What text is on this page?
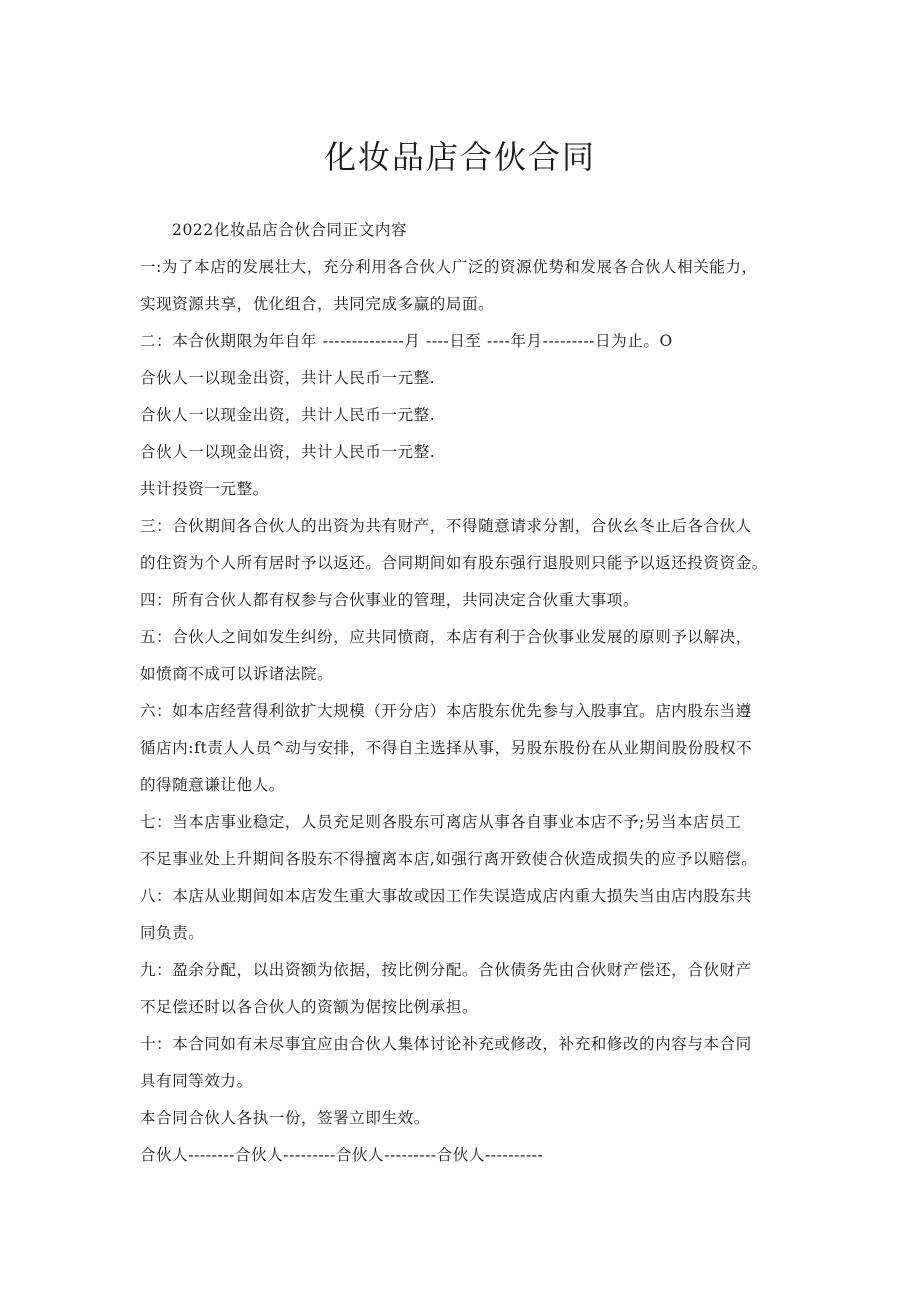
化妆品店合伙合同
2022化妆品店合伙合同正文内容
一:为了本店的发展壮大，充分利用各合伙人广泛的资源优势和发展各合伙人相关能力，
实现资源共享，优化组合，共同完成多赢的局面。
二：本合伙期限为年自年 --------------月 ----日至 ----年月---------日为止。O
合伙人一以现金出资，共计人民币一元整.
合伙人一以现金出资，共计人民币一元整.
合伙人一以现金出资，共计人民币一元整.
共计投资一元整。
三：合伙期间各合伙人的出资为共有财产，不得随意请求分割，合伙幺冬止后各合伙人
的住资为个人所有居时予以返还。合同期间如有股东强行退股则只能予以返还投资资金。
四：所有合伙人都有权参与合伙事业的管理，共同决定合伙重大事项。
五：合伙人之间如发生纠纷，应共同愤商，本店有利于合伙事业发展的原则予以解决，
如愤商不成可以诉诸法院。
六：如本店经营得利欲扩大规模（开分店）本店股东优先参与入股事宜。店内股东当遵
循店内:ft责人人员^动与安排，不得自主选择从事，另股东股份在从业期间股份股权不
的得随意谦让他人。
七：当本店事业稳定，人员充足则各股东可离店从事各自事业本店不予;另当本店员工
不足事业处上升期间各股东不得擅离本店,如强行离开致使合伙造成损失的应予以赔偿。
八：本店从业期间如本店发生重大事故或因工作失误造成店内重大损失当由店内股东共
同负责。
九：盈余分配，以出资额为依据，按比例分配。合伙债务先由合伙财产偿还，合伙财产
不足偿还时以各合伙人的资额为倨按比例承担。
十：本合同如有未尽事宜应由合伙人集体讨论补充或修改，补充和修改的内容与本合同
具有同等效力。
本合同合伙人各执一份，签署立即生效。
合伙人--------合伙人---------合伙人---------合伙人----------
